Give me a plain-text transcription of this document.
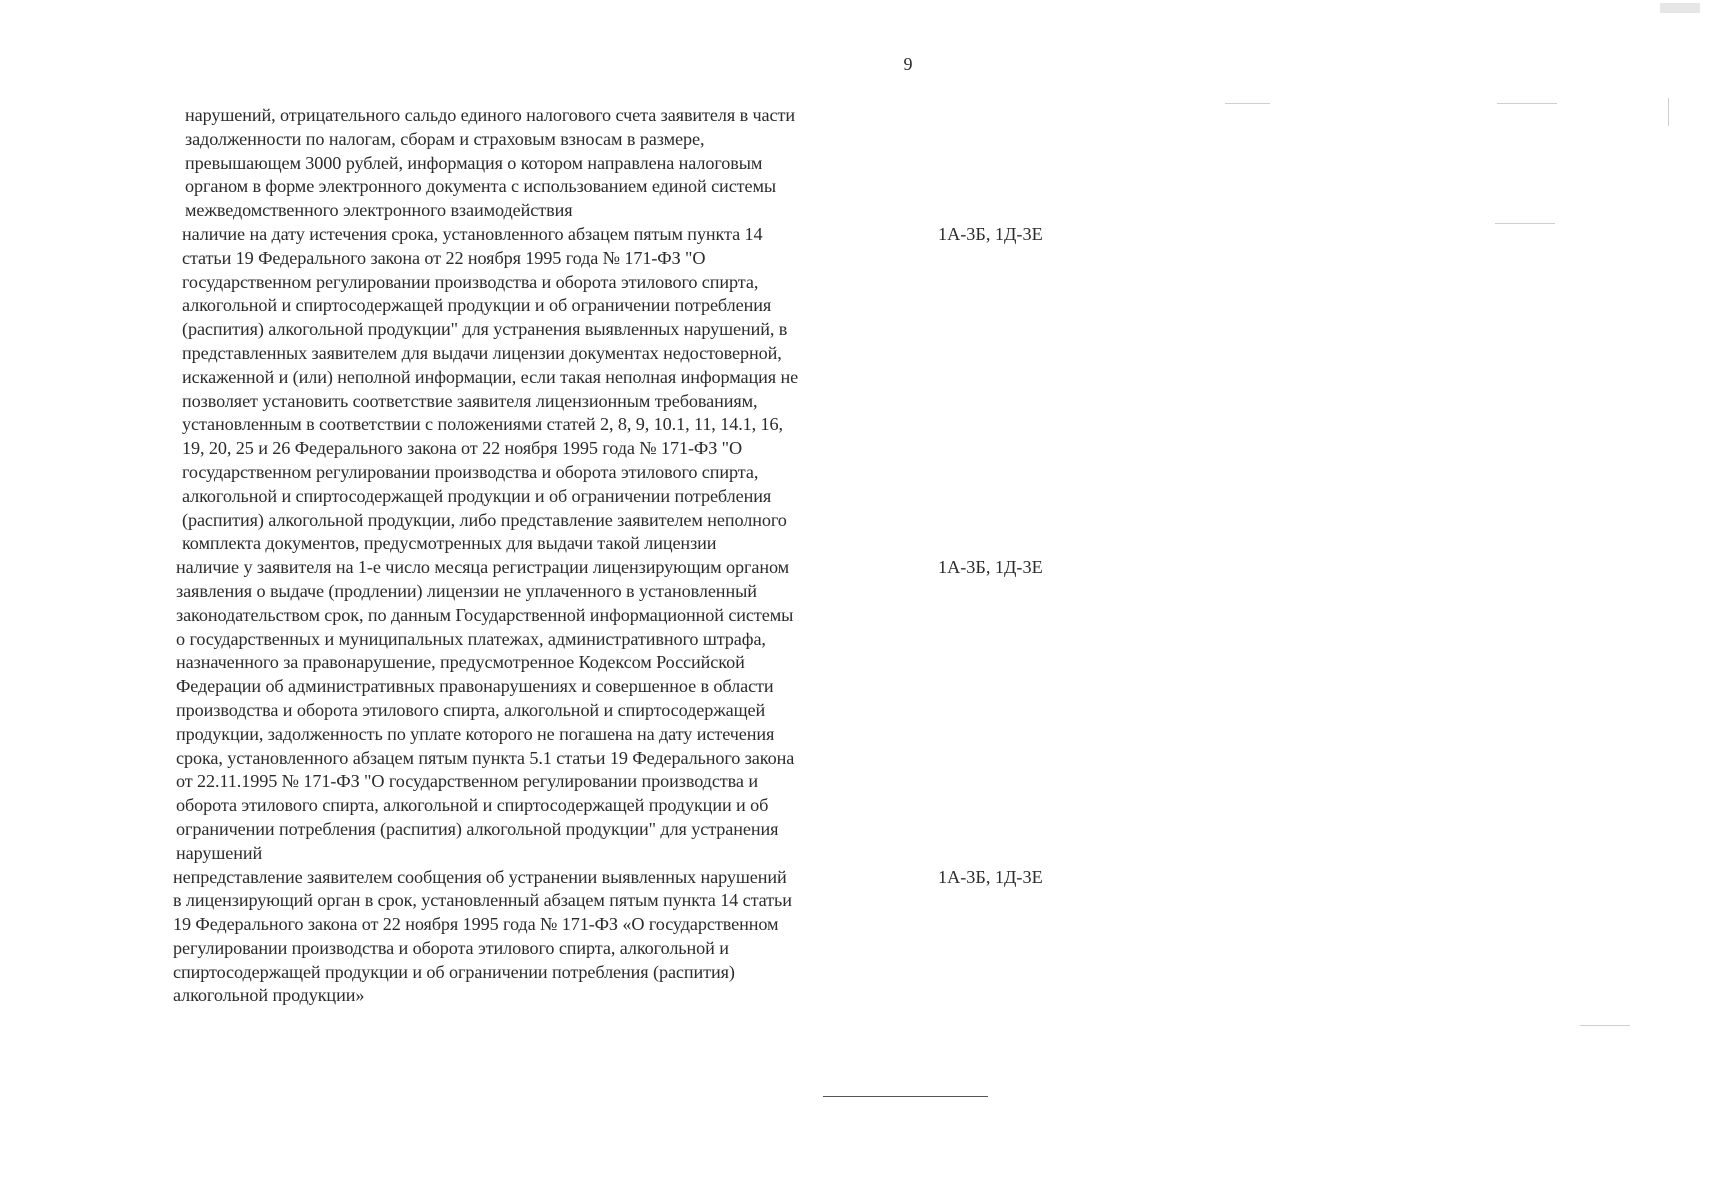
9
нарушений, отрицательного сальдо единого налогового счета заявителя в части
задолженности по налогам, сборам и страховым взносам в размере,
превышающем 3000 рублей, информация о котором направлена налоговым
органом в форме электронного документа с использованием единой системы
межведомственного электронного взаимодействия
наличие на дату истечения срока, установленного абзацем пятым пункта 14
статьи 19 Федерального закона от 22 ноября 1995 года № 171-ФЗ "О
государственном регулировании производства и оборота этилового спирта,
алкогольной и спиртосодержащей продукции и об ограничении потребления
(распития) алкогольной продукции" для устранения выявленных нарушений, в
представленных заявителем для выдачи лицензии документах недостоверной,
искаженной и (или) неполной информации, если такая неполная информация не
позволяет установить соответствие заявителя лицензионным требованиям,
установленным в соответствии с положениями статей 2, 8, 9, 10.1, 11, 14.1, 16,
19, 20, 25 и 26 Федерального закона от 22 ноября 1995 года № 171-ФЗ "О
государственном регулировании производства и оборота этилового спирта,
алкогольной и спиртосодержащей продукции и об ограничении потребления
(распития) алкогольной продукции, либо представление заявителем неполного
комплекта документов, предусмотренных для выдачи такой лицензии
1А-3Б, 1Д-3Е
наличие у заявителя на 1-е число месяца регистрации лицензирующим органом
заявления о выдаче (продлении) лицензии не уплаченного в установленный
законодательством срок, по данным Государственной информационной системы
о государственных и муниципальных платежах, административного штрафа,
назначенного за правонарушение, предусмотренное Кодексом Российской
Федерации об административных правонарушениях и совершенное в области
производства и оборота этилового спирта, алкогольной и спиртосодержащей
продукции, задолженность по уплате которого не погашена на дату истечения
срока, установленного абзацем пятым пункта 5.1 статьи 19 Федерального закона
от 22.11.1995 № 171-ФЗ "О государственном регулировании производства и
оборота этилового спирта, алкогольной и спиртосодержащей продукции и об
ограничении потребления (распития) алкогольной продукции" для устранения
нарушений
1А-3Б, 1Д-3Е
непредставление заявителем сообщения об устранении выявленных нарушений
в лицензирующий орган в срок, установленный абзацем пятым пункта 14 статьи
19 Федерального закона от 22 ноября 1995 года № 171-ФЗ «О государственном
регулировании производства и оборота этилового спирта, алкогольной и
спиртосодержащей продукции и об ограничении потребления (распития)
алкогольной продукции»
1А-3Б, 1Д-3Е
